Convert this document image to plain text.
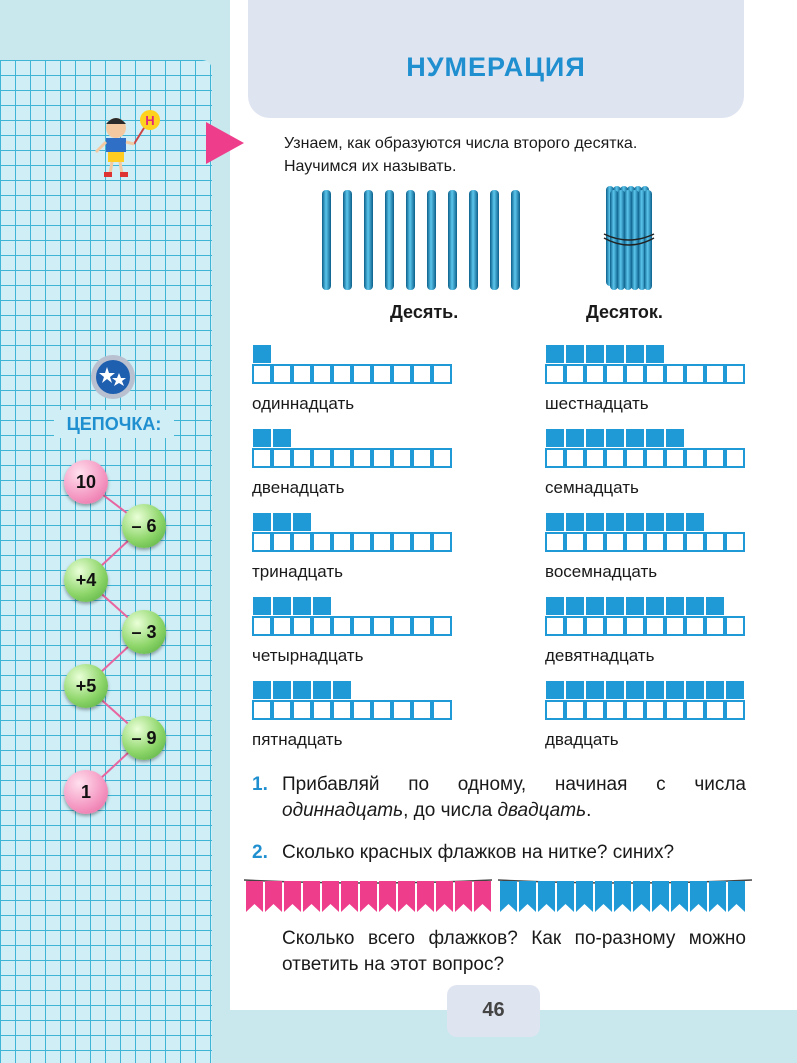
НУМЕРАЦИЯ
Н
Узнаем, как образуются числа второго десятка.
Научимся их называть.
Десять.	Десяток.
одиннадцать
двенадцать
тринадцать
четырнадцать
пятнадцать
шестнадцать
семнадцать
восемнадцать
девятнадцать
двадцать
1. Прибавляй по одному, начиная с числа одиннадцать, до числа двадцать.
2. Сколько красных флажков на нитке? синих?
Сколько всего флажков? Как по-разному можно ответить на этот вопрос?
ЦЕПОЧКА:
10
– 6
+4
– 3
+5
– 9
1
46
